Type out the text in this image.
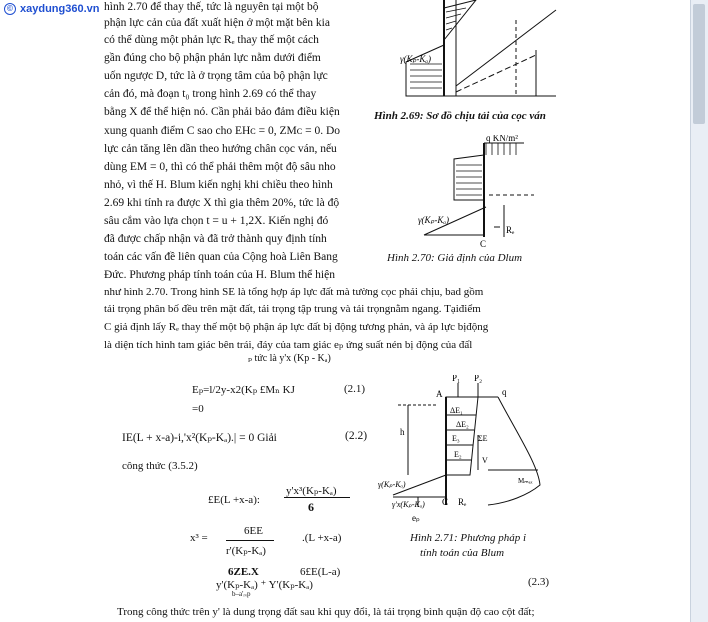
© xaydung360.vn hình 2.70 để thay thế, tức là nguyên tại một bộ
phận lực cản của đất xuất hiện ở một mặt bên kia
có thể dùng một phản lực Rₑ thay thế một cách
gần đúng cho bộ phận phản lực nằm dưới điểm
uốn ngược D, tức là ở trọng tâm của bộ phận lực
cản đó, mà đoạn t₀ trong hình 2.69 có thể thay
bằng X để thể hiện nó. Cần phải bảo đảm điều kiện
xung quanh điểm C sao cho EHᴄ = 0, ZMᴄ = 0. Do
lực cản tăng lên dần theo hướng chân cọc ván, nếu
dùng EM = 0, thì có thể phải thêm một độ sâu nho
nhỏ, vì thế H. Blum kiến nghị khi chiều theo hình
2.69 khi tính ra được X thì gia thêm 20%, tức là độ
sâu cắm vào lựa chọn t = u + 1,2X. Kiến nghị đó
đã được chấp nhận và đã trở thành quy định tính
toán các vấn đề liên quan của Cộng hoà Liên Bang
Đức. Phương pháp tính toán của H. Blum thể hiện
như hình 2.70. Trong hình SE là tổng hợp áp lực đất mà tường cọc phải chịu, bad gồm
tải trọng phân bố đều trên mặt đất, tải trọng tập trung và tải trọngnằm ngang. Tạiđiểm
C giả định lấy Rₑ thay thế một bộ phận áp lực đất bị động tương phản, và áp lực bịđộng
là diện tích hình tam giác bên trái, đáy của tam giác eₚ ứng suất nén bị động của đấl
ₚ tức là y'x (Kp - Kₐ)
γ(Kₚ-Kₐ)
Hình 2.69: Sơ đồ chịu tải của cọc ván
q KN/m²
γ(Kₚ-Kₐ)
Rₑ
C
Hình 2.70: Giả định của Dlum
P₁ P₂
A	q
ΔE₁
ΔE₂
E₃ ΣE
E₂
V
h
Mₘₐₓ
γ(Kₚ-Kₐ)
γ'x(Kₚ-Kₐ) C Rₑ
eₚ
Hình 2.71: Phương pháp i
tính toán của Blum
Eₚ=l/2y-x2(Kₚ £Mₙ KJ	(2.1)
=0
IE(L + x-a)-i,'x²(Kₚ-Kₐ).| = 0 Giải	(2.2)
công thức (3.5.2)
£E(L +x-a):
y'x³(Kₚ-Kₐ)
6
x³ =
6EE
r'(Kₚ-Kₐ)
.(L +x-a)
6ZE.X	6£E(L-a)
y'(Kₚ-Kₐ) ⁺ Y'(Kₚ-Kₐ)
b–a'ᵣᵥp
(2.3)
Trong công thức trên y' là dung trọng đất sau khi quy đổi, là tải trọng bình quận độ cao cột đất;
